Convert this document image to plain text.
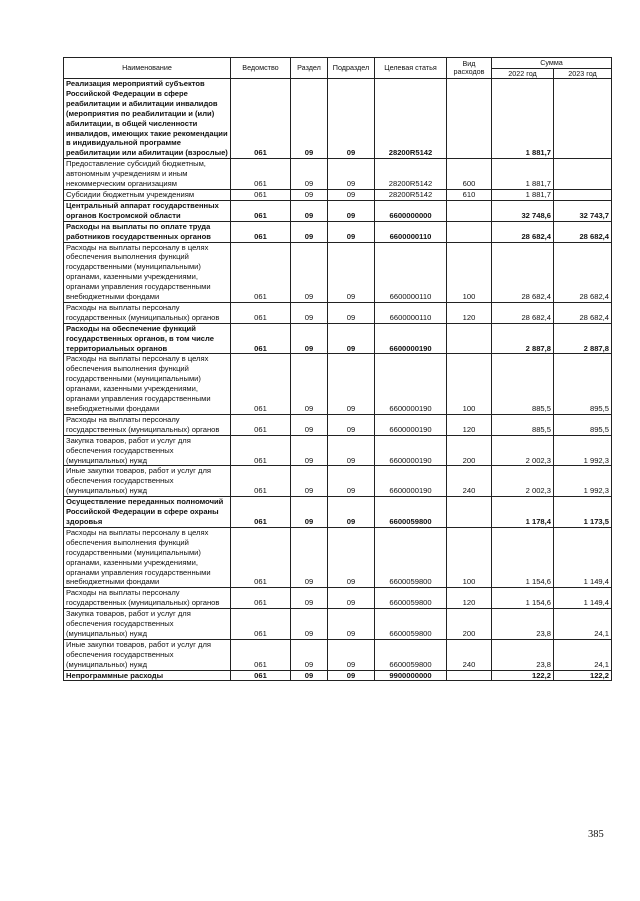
Наименование	Ведомство	Раздел	Подраздел	Целевая статья	Вид расходов	Сумма	
						2022 год	2023 год
Реализация мероприятий субъектов Российской Федерации в сфере реабилитации и абилитации инвалидов (мероприятия по реабилитации и (или) абилитации, в общей численности инвалидов, имеющих такие рекомендации в индивидуальной программе реабилитации или абилитации (взрослые)	061	09	09	28200R5142		1 881,7	
Предоставление субсидий бюджетным, автономным учреждениям и иным некоммерческим организациям	061	09	09	28200R5142	600	1 881,7	
Субсидии бюджетным учреждениям	061	09	09	28200R5142	610	1 881,7	
Центральный аппарат государственных органов Костромской области	061	09	09	6600000000		32 748,6	32 743,7
Расходы на выплаты по оплате труда работников государственных органов	061	09	09	6600000110		28 682,4	28 682,4
Расходы на выплаты персоналу в целях обеспечения выполнения функций государственными (муниципальными) органами, казенными учреждениями, органами управления государственными внебюджетными фондами	061	09	09	6600000110	100	28 682,4	28 682,4
Расходы на выплаты персоналу государственных (муниципальных) органов	061	09	09	6600000110	120	28 682,4	28 682,4
Расходы на обеспечение функций государственных органов, в том числе территориальных органов	061	09	09	6600000190		2 887,8	2 887,8
Расходы на выплаты персоналу в целях обеспечения выполнения функций государственными (муниципальными) органами, казенными учреждениями, органами управления государственными внебюджетными фондами	061	09	09	6600000190	100	885,5	895,5
Расходы на выплаты персоналу государственных (муниципальных) органов	061	09	09	6600000190	120	885,5	895,5
Закупка товаров, работ и услуг для обеспечения государственных (муниципальных) нужд	061	09	09	6600000190	200	2 002,3	1 992,3
Иные закупки товаров, работ и услуг для обеспечения государственных (муниципальных) нужд	061	09	09	6600000190	240	2 002,3	1 992,3
Осуществление переданных полномочий Российской Федерации в сфере охраны здоровья	061	09	09	6600059800		1 178,4	1 173,5
Расходы на выплаты персоналу в целях обеспечения выполнения функций государственными (муниципальными) органами, казенными учреждениями, органами управления государственными внебюджетными фондами	061	09	09	6600059800	100	1 154,6	1 149,4
Расходы на выплаты персоналу государственных (муниципальных) органов	061	09	09	6600059800	120	1 154,6	1 149,4
Закупка товаров, работ и услуг для обеспечения государственных (муниципальных) нужд	061	09	09	6600059800	200	23,8	24,1
Иные закупки товаров, работ и услуг для обеспечения государственных (муниципальных) нужд	061	09	09	6600059800	240	23,8	24,1
Непрограммные расходы	061	09	09	9900000000		122,2	122,2
385
